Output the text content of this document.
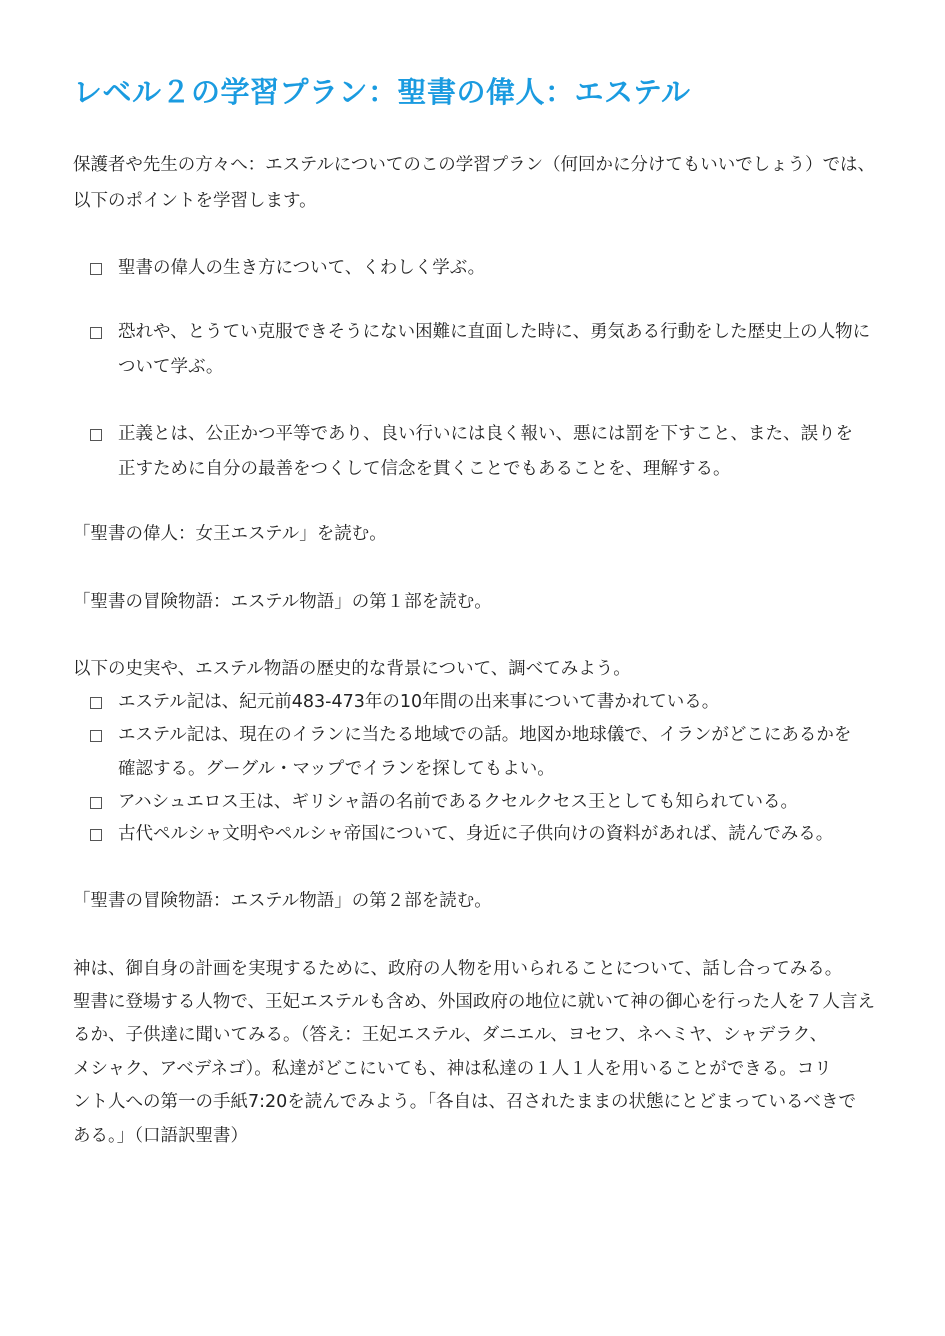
レベル２の学習プラン：聖書の偉人：エステル

保護者や先生の方々へ：エステルについてのこの学習プラン（何回かに分けてもいいでしょう）では、

以下のポイントを学習します。

聖書の偉人の生き方について、くわしく学ぶ。

恐れや、とうてい克服できそうにない困難に直面した時に、勇気ある行動をした歴史上の人物に

ついて学ぶ。

正義とは、公正かつ平等であり、良い行いには良く報い、悪には罰を下すこと、また、誤りを

正すために自分の最善をつくして信念を貫くことでもあることを、理解する。

「聖書の偉人：女王エステル」を読む。

「聖書の冒険物語：エステル物語」の第１部を読む。

以下の史実や、エステル物語の歴史的な背景について、調べてみよう。

エステル記は、紀元前483-473年の10年間の出来事について書かれている。

エステル記は、現在のイランに当たる地域での話。地図か地球儀で、イランがどこにあるかを

確認する。グーグル・マップでイランを探してもよい。

アハシュエロス王は、ギリシャ語の名前であるクセルクセス王としても知られている。

古代ペルシャ文明やペルシャ帝国について、身近に子供向けの資料があれば、読んでみる。

「聖書の冒険物語：エステル物語」の第２部を読む。

神は、御自身の計画を実現するために、政府の人物を用いられることについて、話し合ってみる。

聖書に登場する人物で、王妃エステルも含め、外国政府の地位に就いて神の御心を行った人を７人言え

るか、子供達に聞いてみる。（答え：王妃エステル、ダニエル、ヨセフ、ネヘミヤ、シャデラク、

メシャク、アベデネゴ）。私達がどこにいても、神は私達の１人１人を用いることができる。コリ

ント人への第一の手紙7:20を読んでみよう。「各自は、召されたままの状態にとどまっているべきで

ある。」（口語訳聖書）
